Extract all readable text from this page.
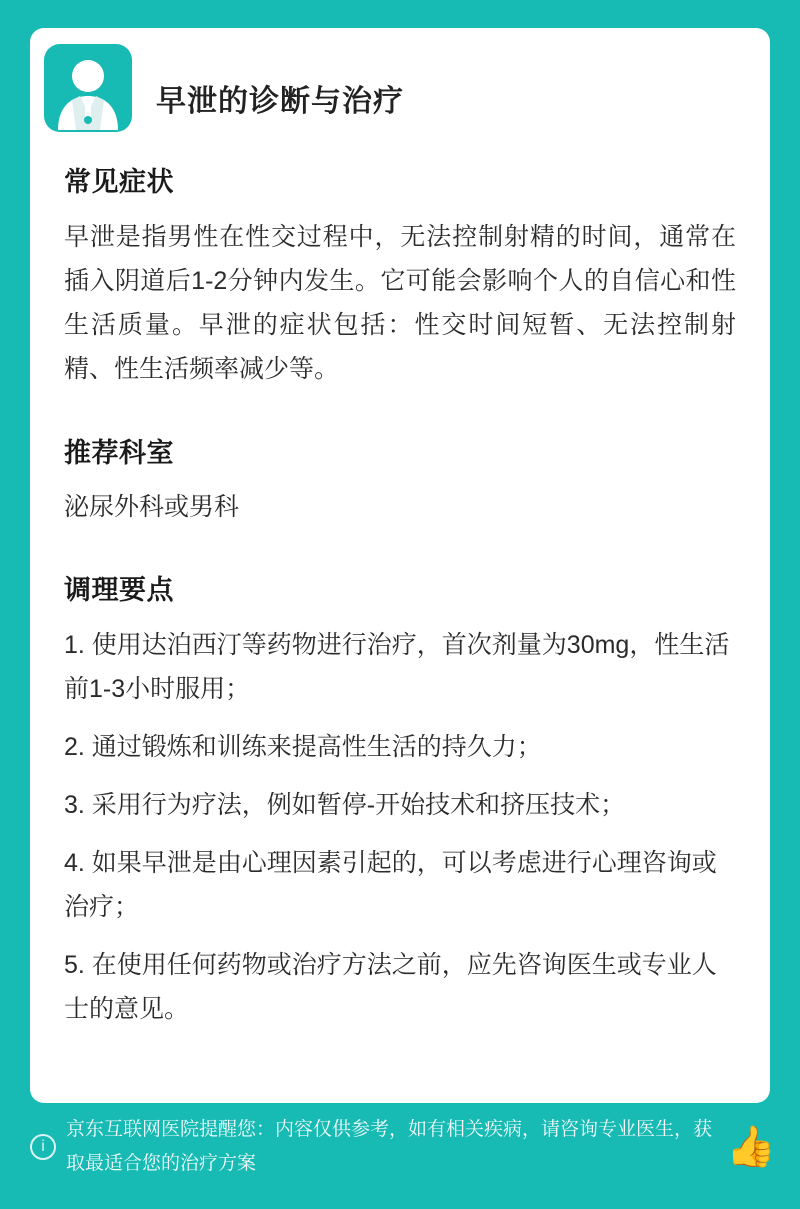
早泄的诊断与治疗
常见症状
早泄是指男性在性交过程中，无法控制射精的时间，通常在插入阴道后1-2分钟内发生。它可能会影响个人的自信心和性生活质量。早泄的症状包括：性交时间短暂、无法控制射精、性生活频率减少等。
推荐科室
泌尿外科或男科
调理要点
1. 使用达泊西汀等药物进行治疗，首次剂量为30mg，性生活前1-3小时服用；
2. 通过锻炼和训练来提高性生活的持久力；
3. 采用行为疗法，例如暂停-开始技术和挤压技术；
4. 如果早泄是由心理因素引起的，可以考虑进行心理咨询或治疗；
5. 在使用任何药物或治疗方法之前，应先咨询医生或专业人士的意见。
i
京东互联网医院提醒您：内容仅供参考，如有相关疾病，请咨询专业医生，获取最适合您的治疗方案	👍
